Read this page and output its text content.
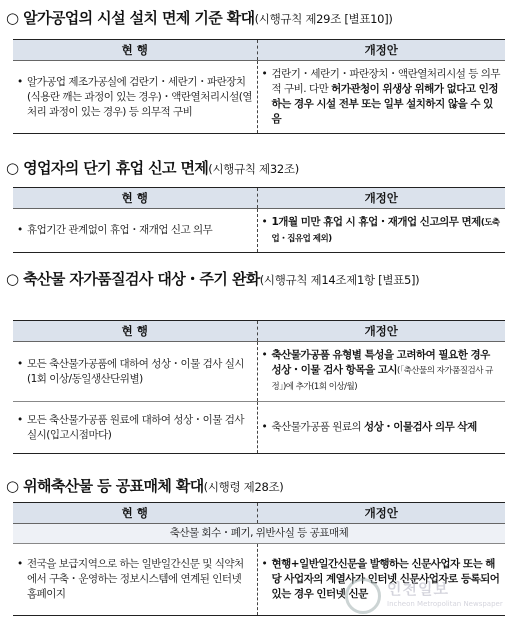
○ 알가공업의 시설 설치 면제 기준 확대(시행규칙 제29조 [별표10])
현 행	개정안

• 알가공업 제조가공실에 검란기・세란기・파란장치(식용란 깨는 과정이 있는 경우)・액란열처리시설(열처리 과정이 있는 경우) 등 의무적 구비	• 검란기・세란기・파란장치・액란열처리시설 등 의무적 구비. 다만 허가관청이 위생상 위해가 없다고 인정하는 경우 시설 전부 또는 일부 설치하지 않을 수 있음
○ 영업자의 단기 휴업 신고 면제(시행규칙 제32조)
현 행	개정안

• 휴업기간 관계없이 휴업・재개업 신고 의무	• 1개월 미만 휴업 시 휴업・재개업 신고의무 면제(도축업・집유업 제외)
○ 축산물 자가품질검사 대상・주기 완화(시행규칙 제14조제1항 [별표5])
현 행	개정안

• 모든 축산물가공품에 대하여 성상・이물 검사 실시(1회 이상/동일생산단위별)	• 축산물가공품 유형별 특성을 고려하여 필요한 경우 성상・이물 검사 항목을 고시(「축산물의 자가품질검사 규정」)에 추가(1회 이상/월)

• 모든 축산물가공품 원료에 대하여 성상・이물 검사 실시(입고시점마다)	• 축산물가공품 원료의 성상・이물검사 의무 삭제
○ 위해축산물 등 공표매체 확대(시행령 제28조)
현 행	개정안
축산물 회수・폐기, 위반사실 등 공표매체	

• 전국을 보급지역으로 하는 일반일간신문 및 식약처에서 구축・운영하는 정보시스템에 연계된 인터넷 홈페이지	• 현행+일반일간신문을 발행하는 신문사업자 또는 해당 사업자의 계열사가 인터넷 신문사업자로 등록되어 있는 경우 인터넷 신문	인천일보
Incheon Metropolitan Newspaper
